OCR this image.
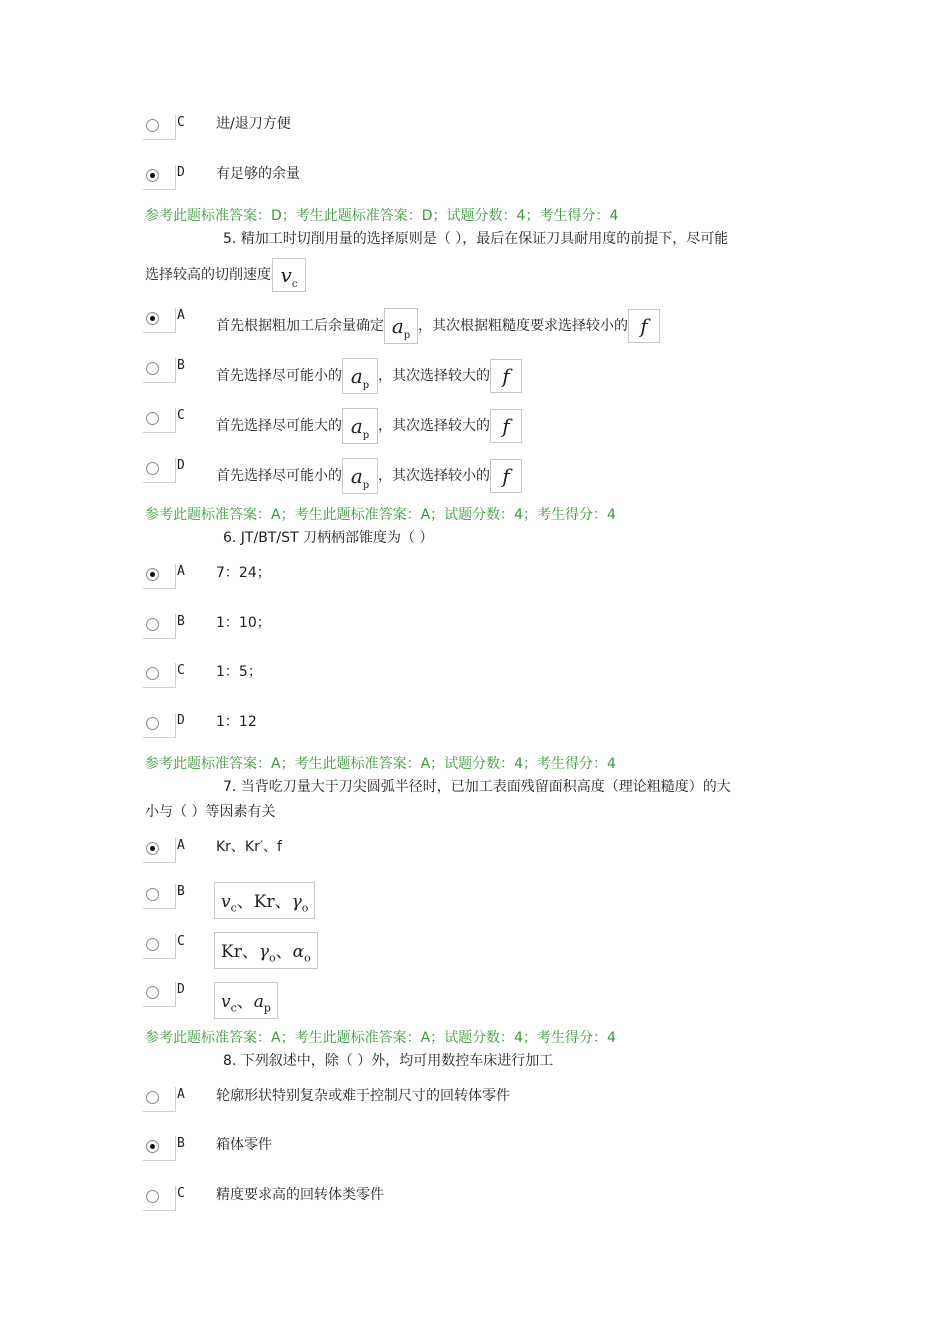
C 进/退刀方便
D 有足够的余量
参考此题标准答案：D；考生此题标准答案：D；试题分数：4；考生得分：4
5. 精加工时切削用量的选择原则是（ ），最后在保证刀具耐用度的前提下，尽可能
选择较高的切削速度 $v_c$
A
首先根据粗加工后余量确定 $a_p$，其次根据粗糙度要求选择较小的 f
B
首先选择尽可能小的 $a_p$，其次选择较大的 f
C
首先选择尽可能大的 $a_p$，其次选择较大的 f
D
首先选择尽可能小的 $a_p$，其次选择较小的 f
参考此题标准答案：A；考生此题标准答案：A；试题分数：4；考生得分：4
6. JT/BT/ST 刀柄柄部锥度为（ ）
A 7：24；
B 1：10；
C 1：5；
D 1：12
参考此题标准答案：A；考生此题标准答案：A；试题分数：4；考生得分：4
7. 当背吃刀量大于刀尖圆弧半径时，已加工表面残留面积高度（理论粗糙度）的大
小与（ ）等因素有关
A Kr、Kr′、f
B
$v_c$、Kr、$\gamma_o$
C
Kr、$\gamma_o$、$\alpha_o$
D
$v_c$、$a_p$
参考此题标准答案：A；考生此题标准答案：A；试题分数：4；考生得分：4
8. 下列叙述中，除（ ）外，均可用数控车床进行加工
A 轮廓形状特别复杂或难于控制尺寸的回转体零件
B 箱体零件
C 精度要求高的回转体类零件
